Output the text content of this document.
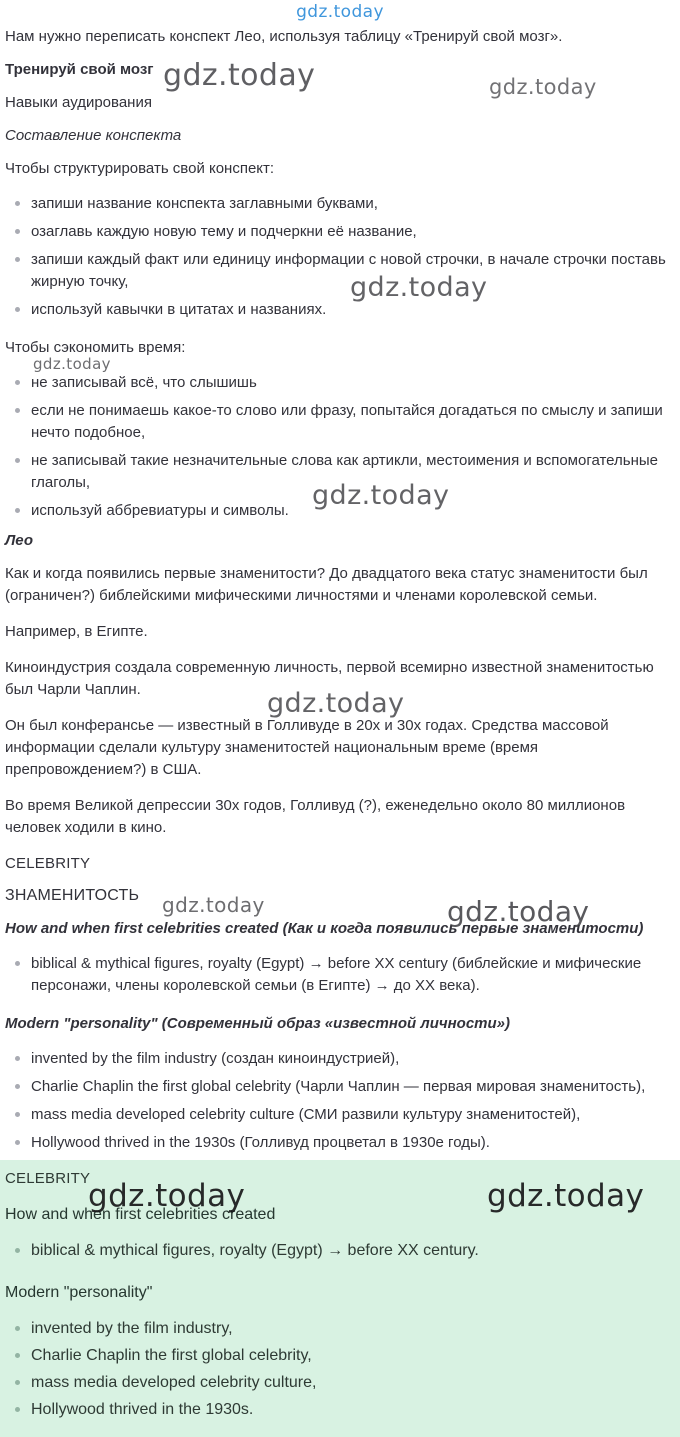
gdz.today
gdz.today	gdz.today
gdz.today
gdz.today
gdz.today
gdz.today
gdz.today	gdz.today
gdz.today	gdz.today

Нам нужно переписать конспект Лео, используя таблицу «Тренируй свой мозг».

Тренируй свой мозг

Навыки аудирования

Составление конспекта

Чтобы структурировать свой конспект:

запиши название конспекта заглавными буквами,
озаглавь каждую новую тему и подчеркни её название,
запиши каждый факт или единицу информации с новой строчки, в начале строчки поставь жирную точку,
используй кавычки в цитатах и названиях.

Чтобы сэкономить время:

не записывай всё, что слышишь
если не понимаешь какое-то слово или фразу, попытайся догадаться по смыслу и запиши нечто подобное,
не записывай такие незначительные слова как артикли, местоимения и вспомогательные глаголы,
используй аббревиатуры и символы.

Лео

Как и когда появились первые знаменитости? До двадцатого века статус знаменитости был (ограничен?) библейскими мифическими личностями и членами королевской семьи.

Например, в Египте.

Киноиндустрия создала современную личность, первой всемирно известной знаменитостью был Чарли Чаплин.

Он был конферансье — известный в Голливуде в 20х и 30х годах. Средства массовой информации сделали культуру знаменитостей национальным време (время препровождением?) в США.

Во время Великой депрессии 30х годов, Голливуд (?), еженедельно около 80 миллионов человек ходили в кино.

CELEBRITY

ЗНАМЕНИТОСТЬ

How and when first celebrities created (Как и когда появились первые знаменитости)

biblical & mythical figures, royalty (Egypt) → before XX century (библейские и мифические персонажи, члены королевской семьи (в Египте) → до XX века).

Modern "personality" (Современный образ «известной личности»)

invented by the film industry (создан киноиндустрией),
Charlie Chaplin the first global celebrity (Чарли Чаплин — первая мировая знаменитость),
mass media developed celebrity culture (СМИ развили культуру знаменитостей),
Hollywood thrived in the 1930s (Голливуд процветал в 1930е годы).

CELEBRITY

How and when first celebrities created

biblical & mythical figures, royalty (Egypt) → before XX century.

Modern "personality"

invented by the film industry,
Charlie Chaplin the first global celebrity,
mass media developed celebrity culture,
Hollywood thrived in the 1930s.
